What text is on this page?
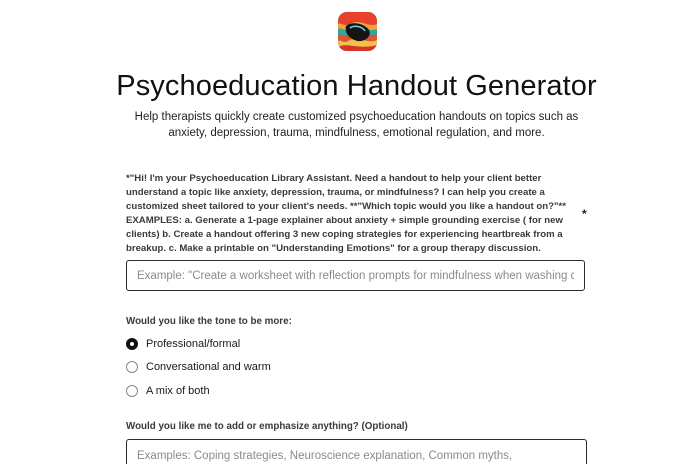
Psychoeducation Handout Generator
Help therapists quickly create customized psychoeducation handouts on topics such as anxiety, depression, trauma, mindfulness, emotional regulation, and more.
*"Hi! I'm your Psychoeducation Library Assistant. Need a handout to help your client better understand a topic like anxiety, depression, trauma, or mindfulness? I can help you create a customized sheet tailored to your client's needs. **"Which topic would you like a handout on?"** EXAMPLES: a. Generate a 1-page explainer about anxiety + simple grounding exercise ( for new clients) b. Create a handout offering 3 new coping strategies for experiencing heartbreak from a breakup. c. Make a printable on "Understanding Emotions" for a group therapy discussion.
*
Example: "Create a worksheet with reflection prompts for mindfulness when washing dishes"
Would you like the tone to be more:
Professional/formal
Conversational and warm
A mix of both
Would you like me to add or emphasize anything? (Optional)
Examples: Coping strategies, Neuroscience explanation, Common myths,
